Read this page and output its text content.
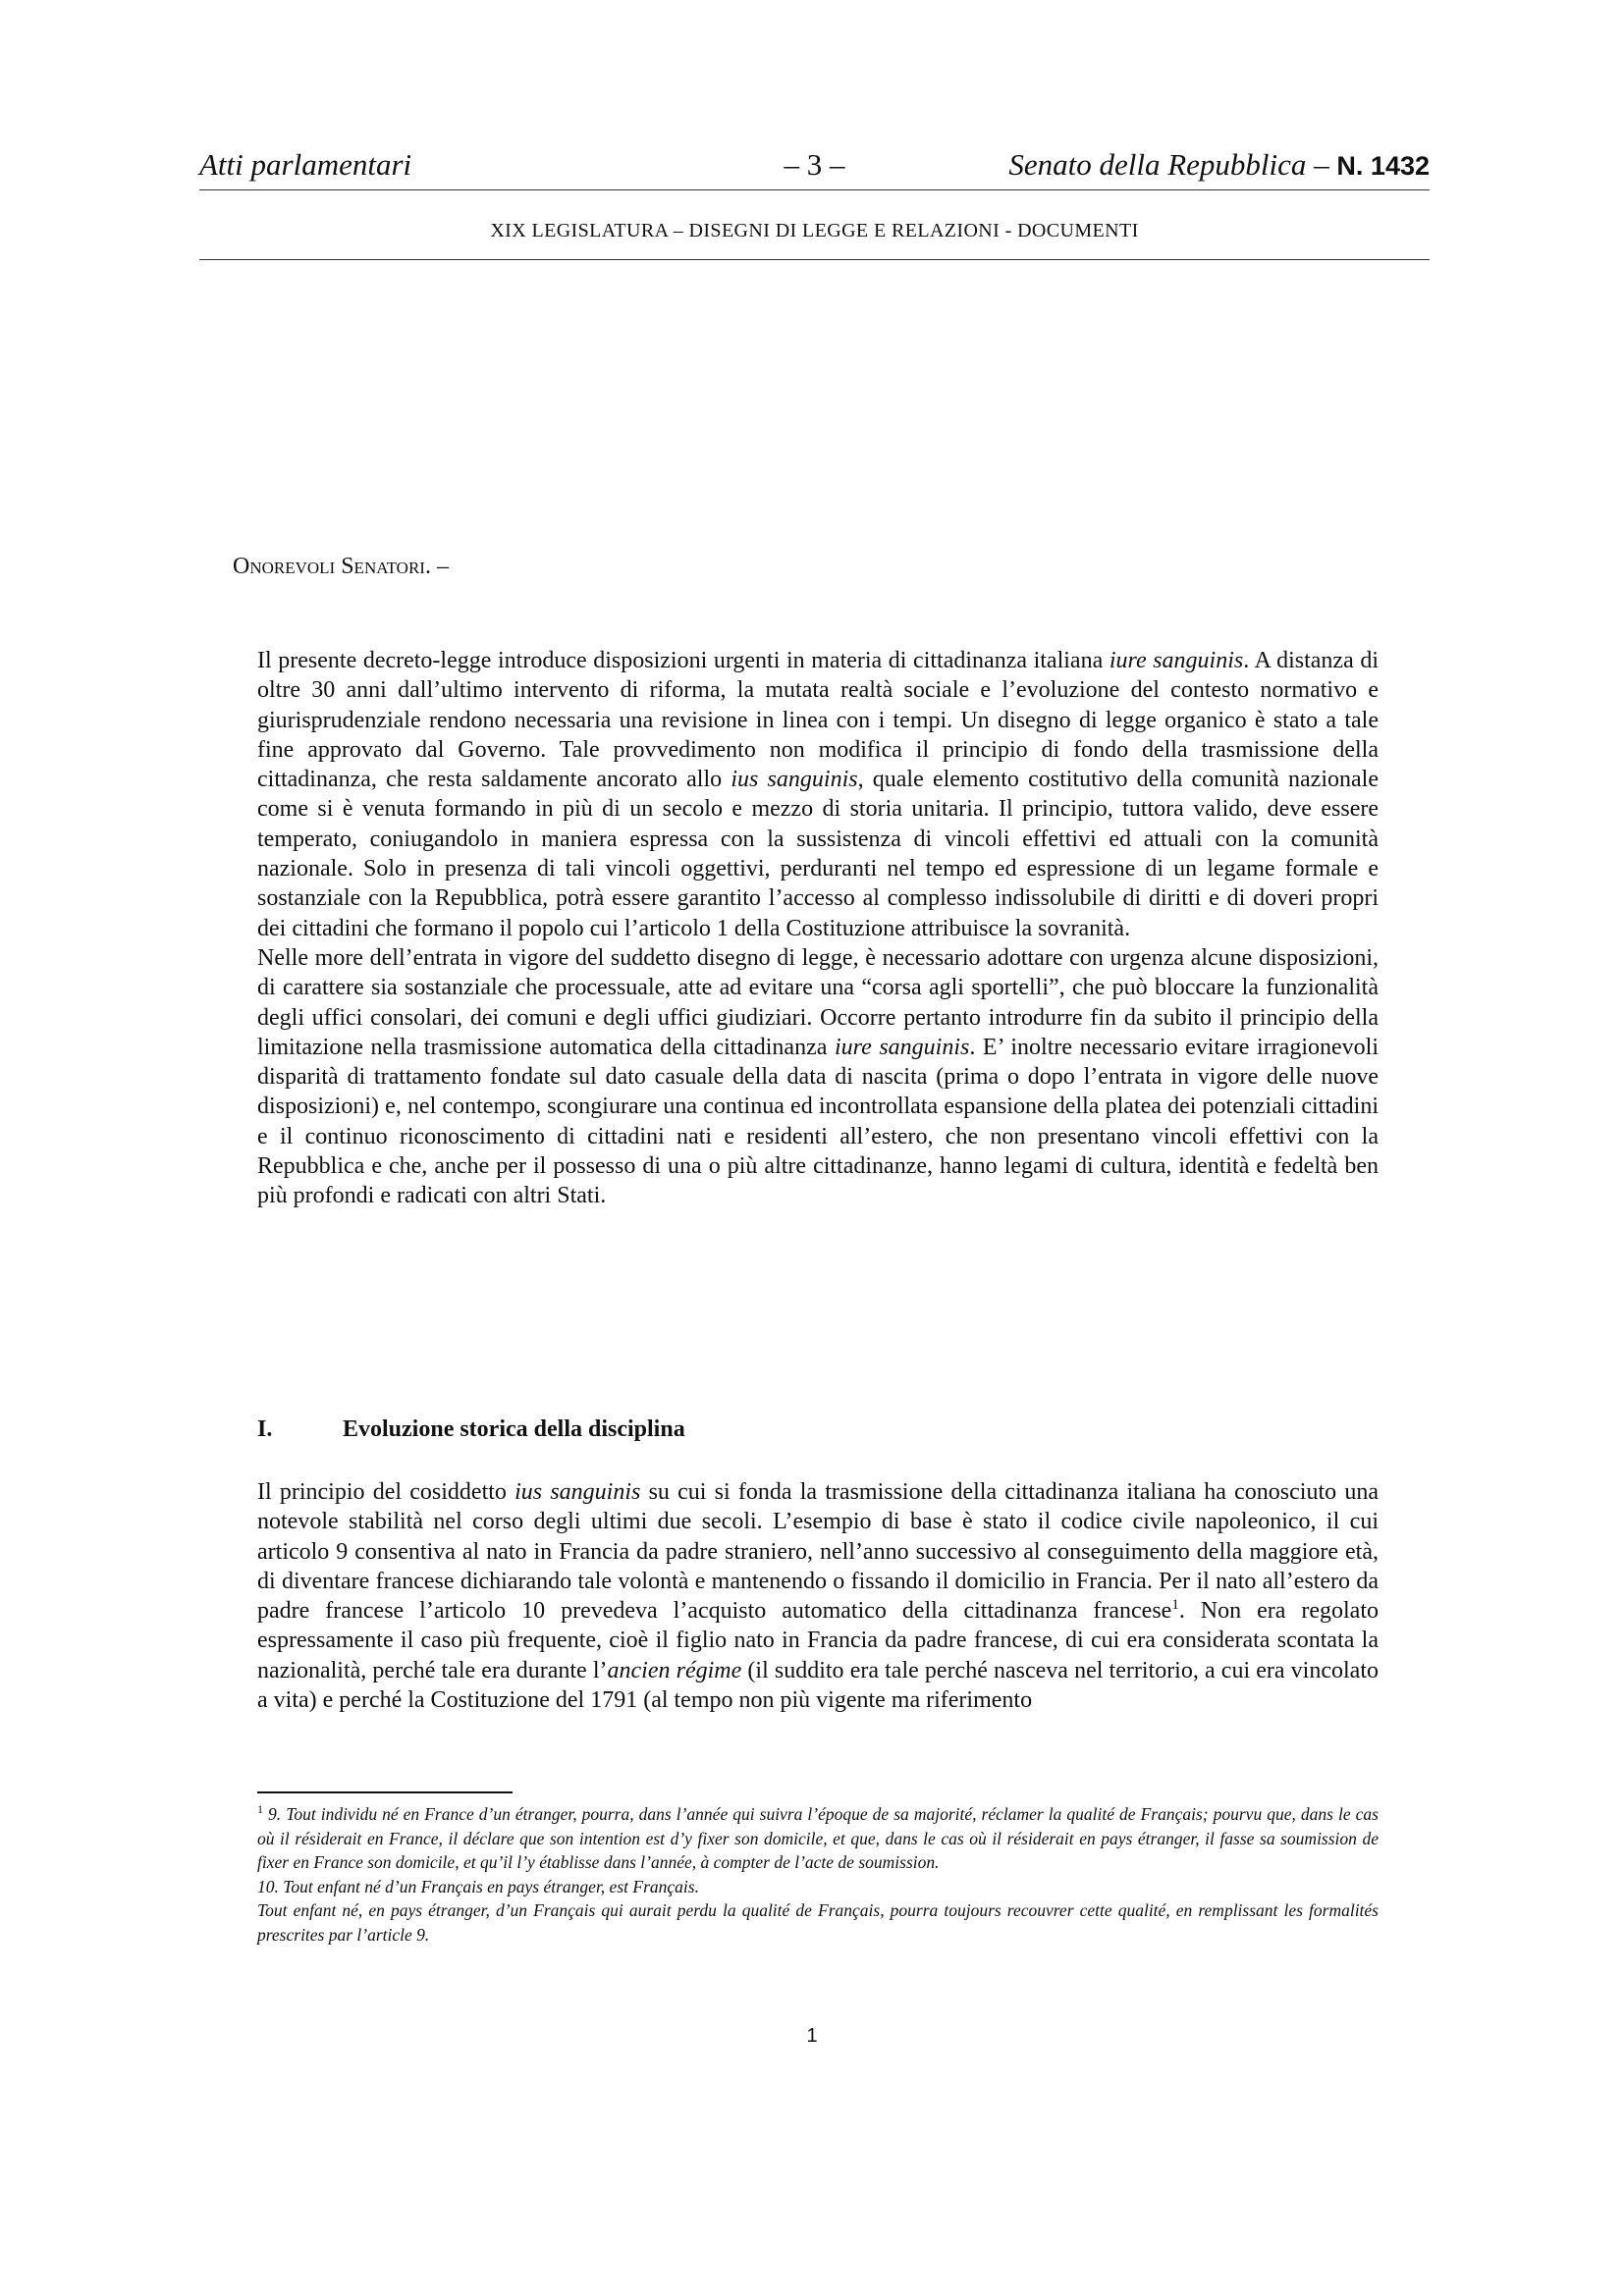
Atti parlamentari	– 3 –	Senato della Repubblica – N. 1432
XIX LEGISLATURA – DISEGNI DI LEGGE E RELAZIONI - DOCUMENTI
Onorevoli Senatori. –

Il presente decreto-legge introduce disposizioni urgenti in materia di cittadinanza italiana iure sanguinis. A distanza di oltre 30 anni dall’ultimo intervento di riforma, la mutata realtà sociale e l’evoluzione del contesto normativo e giurisprudenziale rendono necessaria una revisione in linea con i tempi. Un disegno di legge organico è stato a tale fine approvato dal Governo. Tale provvedimento non modifica il principio di fondo della trasmissione della cittadinanza, che resta saldamente ancorato allo ius sanguinis, quale elemento costitutivo della comunità nazionale come si è venuta formando in più di un secolo e mezzo di storia unitaria. Il principio, tuttora valido, deve essere temperato, coniugandolo in maniera espressa con la sussistenza di vincoli effettivi ed attuali con la comunità nazionale. Solo in presenza di tali vincoli oggettivi, perduranti nel tempo ed espressione di un legame formale e sostanziale con la Repubblica, potrà essere garantito l’accesso al complesso indissolubile di diritti e di doveri propri dei cittadini che formano il popolo cui l’articolo 1 della Costituzione attribuisce la sovranità.

Nelle more dell’entrata in vigore del suddetto disegno di legge, è necessario adottare con urgenza alcune disposizioni, di carattere sia sostanziale che processuale, atte ad evitare una “corsa agli sportelli”, che può bloccare la funzionalità degli uffici consolari, dei comuni e degli uffici giudiziari. Occorre pertanto introdurre fin da subito il principio della limitazione nella trasmissione automatica della cittadinanza iure sanguinis. E’ inoltre necessario evitare irragionevoli disparità di trattamento fondate sul dato casuale della data di nascita (prima o dopo l’entrata in vigore delle nuove disposizioni) e, nel contempo, scongiurare una continua ed incontrollata espansione della platea dei potenziali cittadini e il continuo riconoscimento di cittadini nati e residenti all’estero, che non presentano vincoli effettivi con la Repubblica e che, anche per il possesso di una o più altre cittadinanze, hanno legami di cultura, identità e fedeltà ben più profondi e radicati con altri Stati.

I.	Evoluzione storica della disciplina

Il principio del cosiddetto ius sanguinis su cui si fonda la trasmissione della cittadinanza italiana ha conosciuto una notevole stabilità nel corso degli ultimi due secoli. L’esempio di base è stato il codice civile napoleonico, il cui articolo 9 consentiva al nato in Francia da padre straniero, nell’anno successivo al conseguimento della maggiore età, di diventare francese dichiarando tale volontà e mantenendo o fissando il domicilio in Francia. Per il nato all’estero da padre francese l’articolo 10 prevedeva l’acquisto automatico della cittadinanza francese$^1$. Non era regolato espressamente il caso più frequente, cioè il figlio nato in Francia da padre francese, di cui era considerata scontata la nazionalità, perché tale era durante l’ancien régime (il suddito era tale perché nasceva nel territorio, a cui era vincolato a vita) e perché la Costituzione del 1791 (al tempo non più vigente ma riferimento

$^1$ 9. Tout individu né en France d’un étranger, pourra, dans l’année qui suivra l’époque de sa majorité, réclamer la qualité de Français; pourvu que, dans le cas où il résiderait en France, il déclare que son intention est d’y fixer son domicile, et que, dans le cas où il résiderait en pays étranger, il fasse sa soumission de fixer en France son domicile, et qu’il l’y établisse dans l’année, à compter de l’acte de soumission.

10. Tout enfant né d’un Français en pays étranger, est Français.

Tout enfant né, en pays étranger, d’un Français qui aurait perdu la qualité de Français, pourra toujours recouvrer cette qualité, en remplissant les formalités prescrites par l’article 9.

1
